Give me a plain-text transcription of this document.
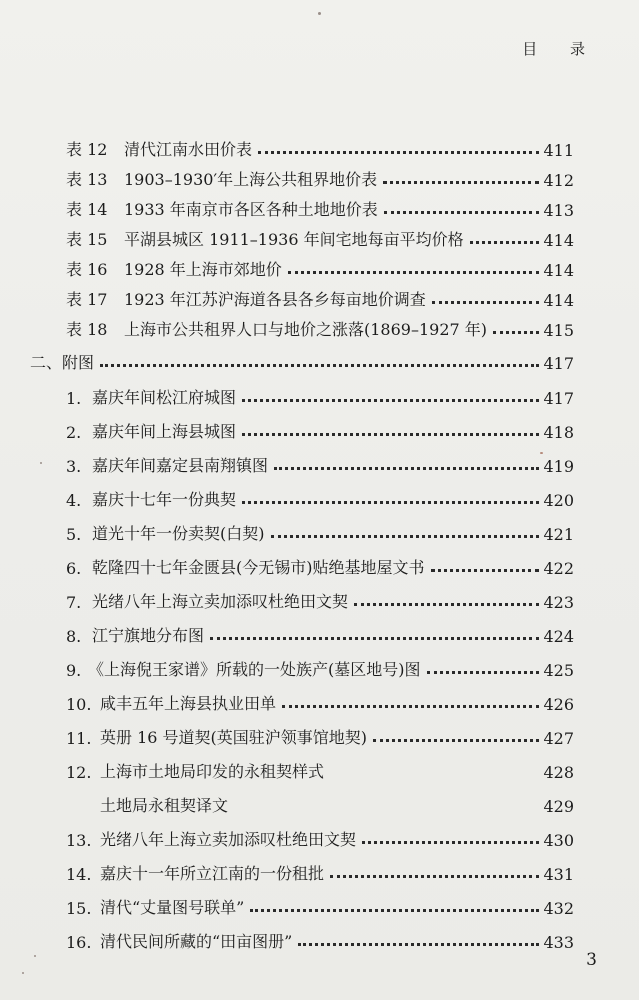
目 录
表 12	清代江南水田价表	411
表 13	1903–1930′年上海公共租界地价表	412
表 14	1933 年南京市各区各种土地地价表	413
表 15	平湖县城区 1911–1936 年间宅地每亩平均价格	414
表 16	1928 年上海市郊地价	414
表 17	1923 年江苏沪海道各县各乡每亩地价调查	414
表 18	上海市公共租界人口与地价之涨落(1869–1927 年)	415
二、附图	417
1. 嘉庆年间松江府城图	417
2. 嘉庆年间上海县城图	418
3. 嘉庆年间嘉定县南翔镇图	419
4. 嘉庆十七年一份典契	420
5. 道光十年一份卖契(白契)	421
6. 乾隆四十七年金匮县(今无锡市)贴绝基地屋文书	422
7. 光绪八年上海立卖加添叹杜绝田文契	423
8. 江宁旗地分布图	424
9. 《上海倪王家谱》所载的一处族产(墓区地号)图	425
10. 咸丰五年上海县执业田单	426
11. 英册 16 号道契(英国驻沪领事馆地契)	427
12. 上海市土地局印发的永租契样式	428
土地局永租契译文	429
13. 光绪八年上海立卖加添叹杜绝田文契	430
14. 嘉庆十一年所立江南的一份租批	431
15. 清代“丈量图号联单”	432
16. 清代民间所藏的“田亩图册”	433
3
